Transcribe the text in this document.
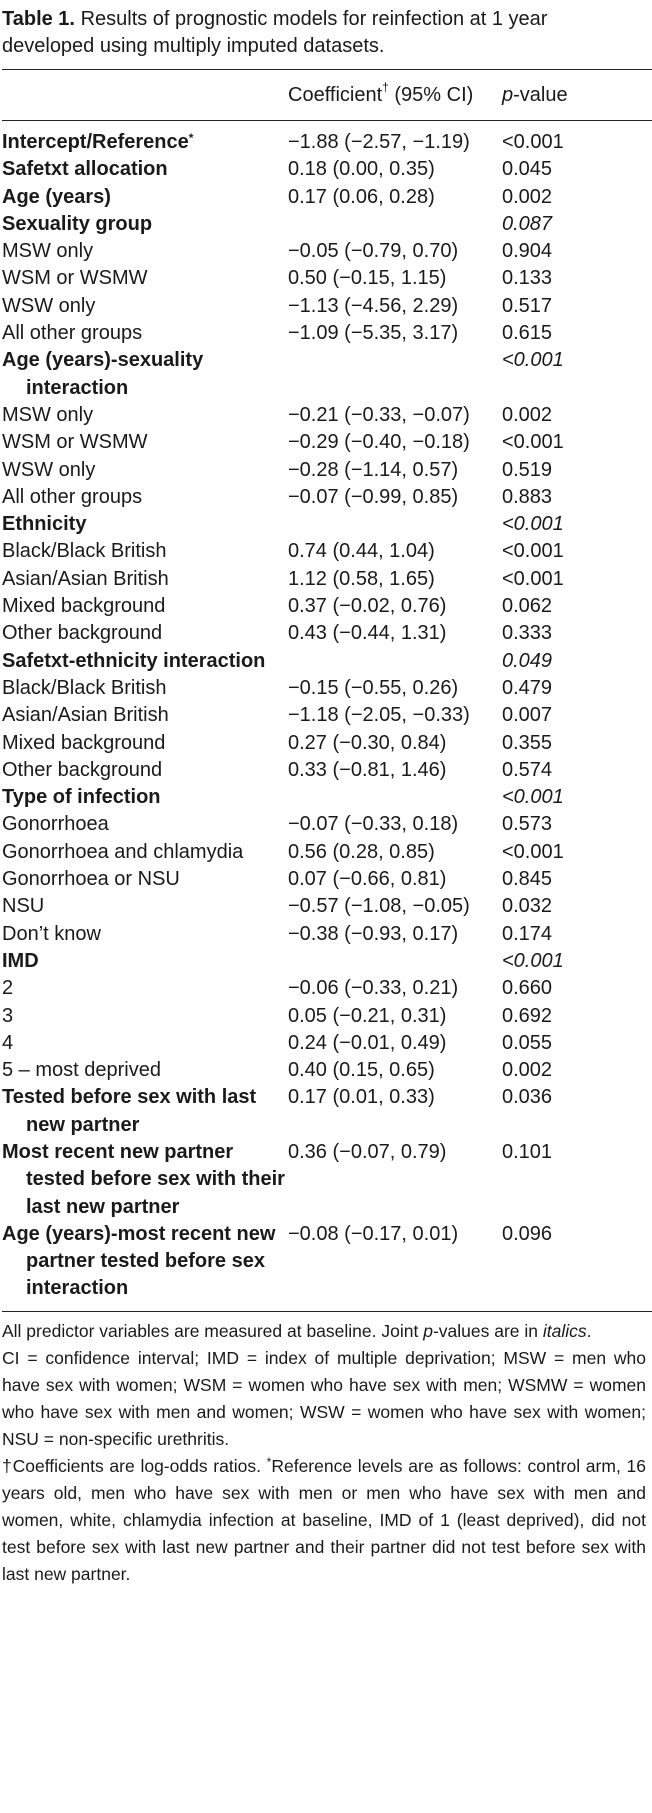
Table 1. Results of prognostic models for reinfection at 1 year developed using multiply imputed datasets.
Coefficient† (95% CI)	p-value
Intercept/Reference*	−1.88 (−2.57, −1.19)	<0.001
Safetxt allocation	0.18 (0.00, 0.35)	0.045
Age (years)	0.17 (0.06, 0.28)	0.002
Sexuality group		0.087
MSW only	−0.05 (−0.79, 0.70)	0.904
WSM or WSMW	0.50 (−0.15, 1.15)	0.133
WSW only	−1.13 (−4.56, 2.29)	0.517
All other groups	−1.09 (−5.35, 3.17)	0.615
Age (years)-sexuality interaction		<0.001
MSW only	−0.21 (−0.33, −0.07)	0.002
WSM or WSMW	−0.29 (−0.40, −0.18)	<0.001
WSW only	−0.28 (−1.14, 0.57)	0.519
All other groups	−0.07 (−0.99, 0.85)	0.883
Ethnicity		<0.001
Black/Black British	0.74 (0.44, 1.04)	<0.001
Asian/Asian British	1.12 (0.58, 1.65)	<0.001
Mixed background	0.37 (−0.02, 0.76)	0.062
Other background	0.43 (−0.44, 1.31)	0.333
Safetxt-ethnicity interaction		0.049
Black/Black British	−0.15 (−0.55, 0.26)	0.479
Asian/Asian British	−1.18 (−2.05, −0.33)	0.007
Mixed background	0.27 (−0.30, 0.84)	0.355
Other background	0.33 (−0.81, 1.46)	0.574
Type of infection		<0.001
Gonorrhoea	−0.07 (−0.33, 0.18)	0.573
Gonorrhoea and chlamydia	0.56 (0.28, 0.85)	<0.001
Gonorrhoea or NSU	0.07 (−0.66, 0.81)	0.845
NSU	−0.57 (−1.08, −0.05)	0.032
Don’t know	−0.38 (−0.93, 0.17)	0.174
IMD		<0.001
2	−0.06 (−0.33, 0.21)	0.660
3	0.05 (−0.21, 0.31)	0.692
4	0.24 (−0.01, 0.49)	0.055
5 – most deprived	0.40 (0.15, 0.65)	0.002
Tested before sex with last new partner	0.17 (0.01, 0.33)	0.036
Most recent new partner tested before sex with their last new partner	0.36 (−0.07, 0.79)	0.101
Age (years)-most recent new partner tested before sex interaction	−0.08 (−0.17, 0.01)	0.096

All predictor variables are measured at baseline. Joint p-values are in italics.

CI = confidence interval; IMD = index of multiple deprivation; MSW = men who have sex with women; WSM = women who have sex with men; WSMW = women who have sex with men and women; WSW = women who have sex with women; NSU = non-specific urethritis.

†Coefficients are log-odds ratios. *Reference levels are as follows: control arm, 16 years old, men who have sex with men or men who have sex with men and women, white, chlamydia infection at baseline, IMD of 1 (least deprived), did not test before sex with last new partner and their partner did not test before sex with last new partner.
